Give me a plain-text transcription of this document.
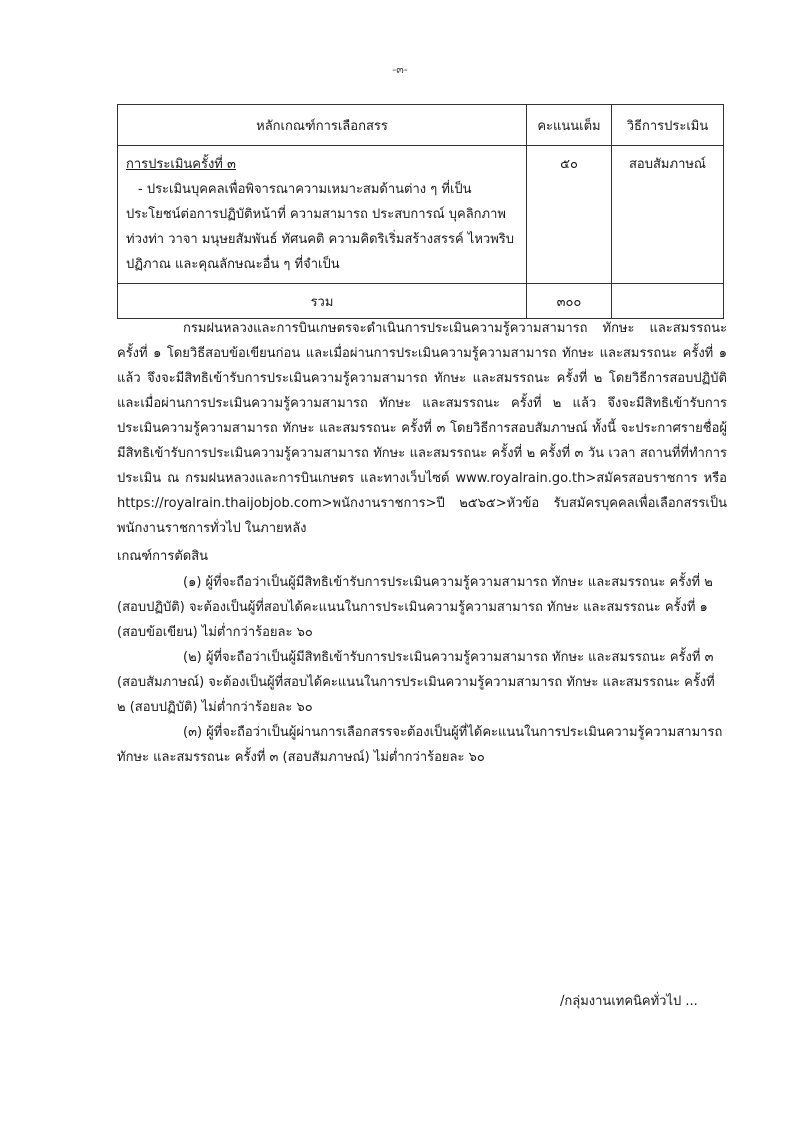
-๓-
หลักเกณฑ์การเลือกสรร	คะแนนเต็ม	วิธีการประเมิน

การประเมินครั้งที่ ๓
- ประเมินบุคคลเพื่อพิจารณาความเหมาะสมด้านต่าง ๆ ที่เป็นประโยชน์ต่อการปฏิบัติหน้าที่ ความสามารถ ประสบการณ์ บุคลิกภาพ ท่วงท่า วาจา มนุษยสัมพันธ์ ทัศนคติ ความคิดริเริ่มสร้างสรรค์ ไหวพริบ ปฏิภาณ และคุณลักษณะอื่น ๆ ที่จำเป็น	๕๐	สอบสัมภาษณ์

รวม	๓๐๐	
กรมฝนหลวงและการบินเกษตรจะดำเนินการประเมินความรู้ความสามารถ ทักษะ และสมรรถนะ ครั้งที่ ๑ โดยวิธีสอบข้อเขียนก่อน และเมื่อผ่านการประเมินความรู้ความสามารถ ทักษะ และสมรรถนะ ครั้งที่ ๑ แล้ว จึงจะมีสิทธิเข้ารับการประเมินความรู้ความสามารถ ทักษะ และสมรรถนะ ครั้งที่ ๒ โดยวิธีการสอบปฏิบัติ และเมื่อผ่านการประเมินความรู้ความสามารถ ทักษะ และสมรรถนะ ครั้งที่ ๒ แล้ว จึงจะมีสิทธิเข้ารับการประเมินความรู้ความสามารถ ทักษะ และสมรรถนะ ครั้งที่ ๓ โดยวิธีการสอบสัมภาษณ์ ทั้งนี้ จะประกาศรายชื่อผู้มีสิทธิเข้ารับการประเมินความรู้ความสามารถ ทักษะ และสมรรถนะ ครั้งที่ ๒ ครั้งที่ ๓ วัน เวลา สถานที่ที่ทำการประเมิน ณ กรมฝนหลวงและการบินเกษตร และทางเว็บไซต์ www.royalrain.go.th>สมัครสอบราชการ หรือ https://royalrain.thaijobjob.com>พนักงานราชการ>ปี ๒๕๖๕>หัวข้อ รับสมัครบุคคลเพื่อเลือกสรรเป็นพนักงานราชการทั่วไป ในภายหลัง
เกณฑ์การตัดสิน

(๑) ผู้ที่จะถือว่าเป็นผู้มีสิทธิเข้ารับการประเมินความรู้ความสามารถ ทักษะ และสมรรถนะ ครั้งที่ ๒ (สอบปฏิบัติ) จะต้องเป็นผู้ที่สอบได้คะแนนในการประเมินความรู้ความสามารถ ทักษะ และสมรรถนะ ครั้งที่ ๑ (สอบข้อเขียน) ไม่ต่ำกว่าร้อยละ ๖๐

(๒) ผู้ที่จะถือว่าเป็นผู้มีสิทธิเข้ารับการประเมินความรู้ความสามารถ ทักษะ และสมรรถนะ ครั้งที่ ๓ (สอบสัมภาษณ์) จะต้องเป็นผู้ที่สอบได้คะแนนในการประเมินความรู้ความสามารถ ทักษะ และสมรรถนะ ครั้งที่ ๒ (สอบปฏิบัติ) ไม่ต่ำกว่าร้อยละ ๖๐

(๓) ผู้ที่จะถือว่าเป็นผู้ผ่านการเลือกสรรจะต้องเป็นผู้ที่ได้คะแนนในการประเมินความรู้ความสามารถ ทักษะ และสมรรถนะ ครั้งที่ ๓ (สอบสัมภาษณ์) ไม่ต่ำกว่าร้อยละ ๖๐

/กลุ่มงานเทคนิคทั่วไป ...
